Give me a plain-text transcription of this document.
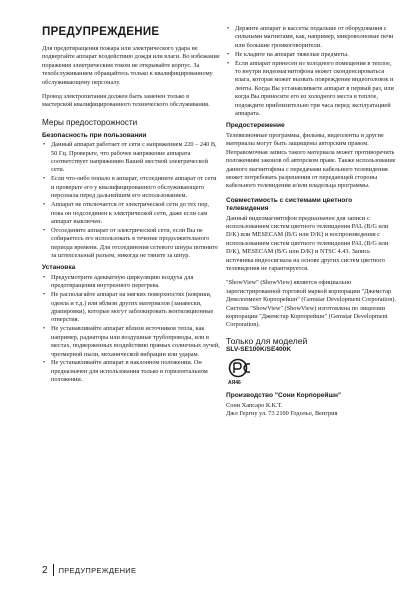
ПРЕДУПРЕЖДЕНИЕ

Для предотвращения пожара или электрического удара не подвергайте аппарат воздействию дождя или влаги. Во избежание поражения электрическим током не открывайте корпус. За техобслуживанием обращайтесь только к квалифицированному обслуживающему персоналу.

Провод электропитания должен быть заменен только в мастерской квалифицированного технического обслуживания.

Меры предосторожности
Безопасность при пользовании
• Данный аппарат работает от сети с напряжением 220 – 240 В, 50 Гц. Проверьте, что рабочее напряжение аппарата соответствует напряжению Вашей местной электрической сети.
• Если что-либо попало в аппарат, отсоедините аппарат от сети и проверьте его у квалифицированного обслуживающего персонала перед дальнейшим его использованием.
• Аппарат не отключается от электрической сети до тех пор, пока он подсоединен к электрической сети, даже если сам аппарат выключен.
• Отсоедините аппарат от электрической сети, если Вы не собираетесь его использовать в течение продолжительного периода времени. Для отсоединения сетевого шнура потяните за штепсельный разъем, никогда не тяните за шнур.
Установка
• Предусмотрите адекватную циркуляцию воздуха для предотвращения внутреннего перегрева.
• Не располагайте аппарат на мягких поверхностях (коврики, одеяла и т.д.) или вблизи других материалов (занавески, драпировки), которые могут заблокировать вентиляционные отверстия.
• Не устанавливайте аппарат вблизи источников тепла, как например, радиаторы или воздушные трубопроводы, или в местах, подверженных воздействию прямых солнечных лучей, чрезмерной пыли, механической вибрации или ударам.
• Не устанавливайте аппарат в наклонном положении. Он предназначен для использования только в горизонтальном положении.
• Держите аппарат и кассеты подальше от оборудования с сильными магнитами, как, например, микроволновые печи или большие громкоговорители.
• Не кладите на аппарат тяжелые предметы.
• Если аппарат принесен из холодного помещения в теплое, то внутри видеомагнитофона может сконденсироваться влага, которая может вызвать повреждение видеоголовок и ленты. Когда Вы устанавливаете аппарат в первый раз, или когда Вы приносите его из холодного места в теплое, подождите приблизительно три часа перед эксплуатацией аппарата.
Предостережение

Телевизионные программы, фильмы, видеоленты и другие материалы могут быть защищены авторским правом. Неправомочная запись такого материала может противоречить положениям законов об авторском праве. Также использование данного магнитофона с передачами кабельного телевидения может потребовать разрешения от передающей стороны кабельного телевидения и/или владельца программы.

Совместимость с системами цветного телевидения

Данный видеомагнитофон предназначен для записи с использованием систем цветного телевидения PAL (B/G или D/K) или MESECAM (B/G или D/K) и воспроизведения с использованием систем цветного телевидения PAL (B/G или D/K), MESECAM (B/G или D/K) и NTSC 4.43. Запись источника видеосигнала на основе других систем цветного телевидения не гарантируется.

"ShowView" (ShowView) является официально зарегистрированной торговой маркой корпорации "Джемстар Девелопмент Корпорейшн" (Gemstar Development Corporation). Система "ShowView" (ShowView) изготовлена по лицензии корпорации "Джемстар Корпорейшн" (Gemstar Development Corporation).

Только для моделей
SLV-SE100K/SE400K
АЯ46
Производство "Сони Корпорейшн"
Сони Хапсаро К.К.Т.
Джл Гергну ул. 73 2100 Годольо, Венгрия
2 ПРЕДУПРЕЖДЕНИЕ
